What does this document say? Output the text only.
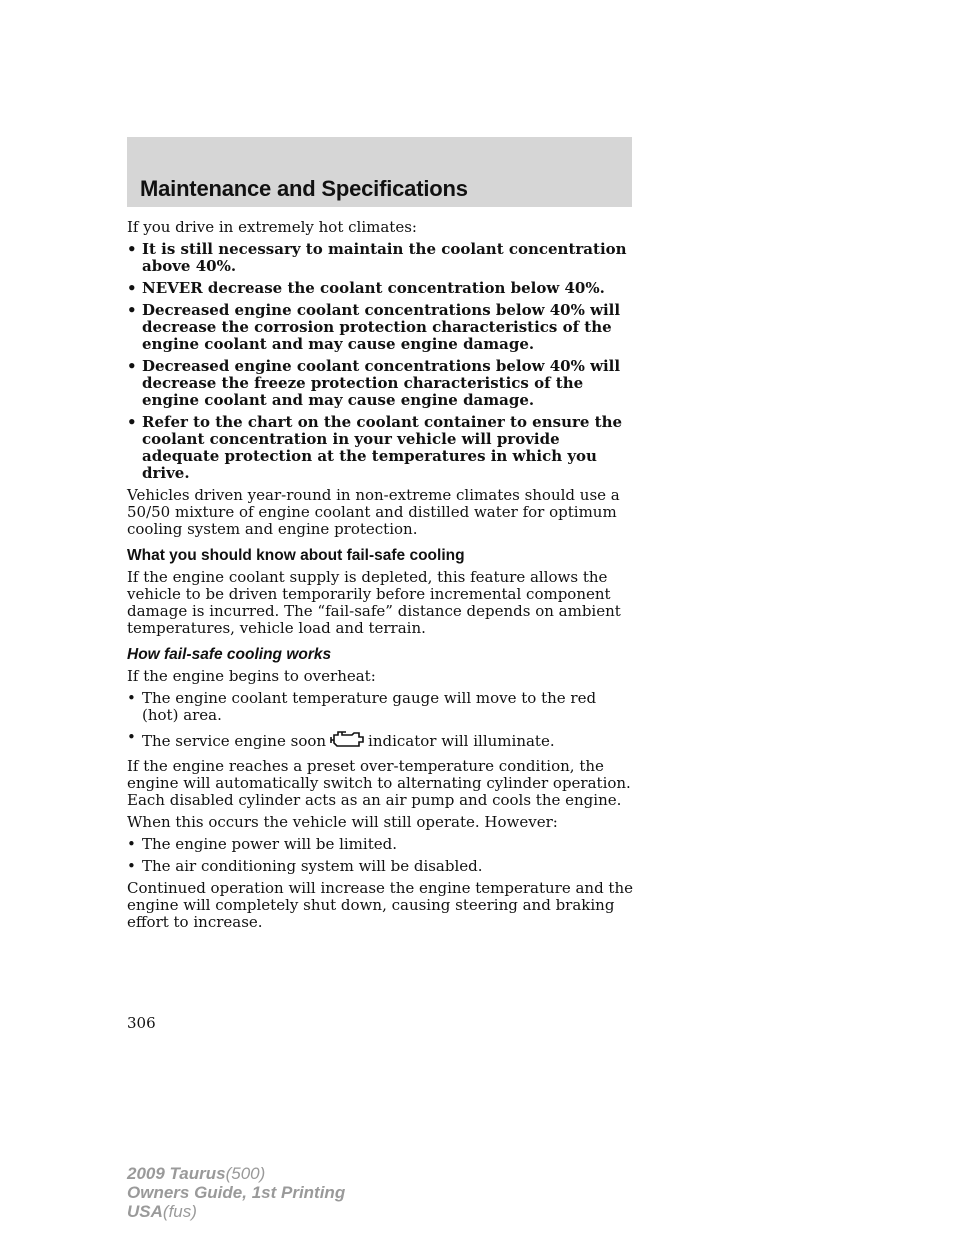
Maintenance and Specifications

If you drive in extremely hot climates:

• It is still necessary to maintain the coolant concentration above 40%.
• NEVER decrease the coolant concentration below 40%.
• Decreased engine coolant concentrations below 40% will decrease the corrosion protection characteristics of the engine coolant and may cause engine damage.
• Decreased engine coolant concentrations below 40% will decrease the freeze protection characteristics of the engine coolant and may cause engine damage.
• Refer to the chart on the coolant container to ensure the coolant concentration in your vehicle will provide adequate protection at the temperatures in which you drive.

Vehicles driven year-round in non-extreme climates should use a 50/50 mixture of engine coolant and distilled water for optimum cooling system and engine protection.

What you should know about fail-safe cooling

If the engine coolant supply is depleted, this feature allows the vehicle to be driven temporarily before incremental component damage is incurred. The “fail-safe” distance depends on ambient temperatures, vehicle load and terrain.

How fail-safe cooling works

If the engine begins to overheat:

• The engine coolant temperature gauge will move to the red (hot) area.
• The service engine soon	indicator will illuminate.

If the engine reaches a preset over-temperature condition, the engine will automatically switch to alternating cylinder operation. Each disabled cylinder acts as an air pump and cools the engine.

When this occurs the vehicle will still operate. However:

• The engine power will be limited.
• The air conditioning system will be disabled.

Continued operation will increase the engine temperature and the engine will completely shut down, causing steering and braking effort to increase.

306
2009 Taurus(500)
Owners Guide, 1st Printing
USA(fus)
